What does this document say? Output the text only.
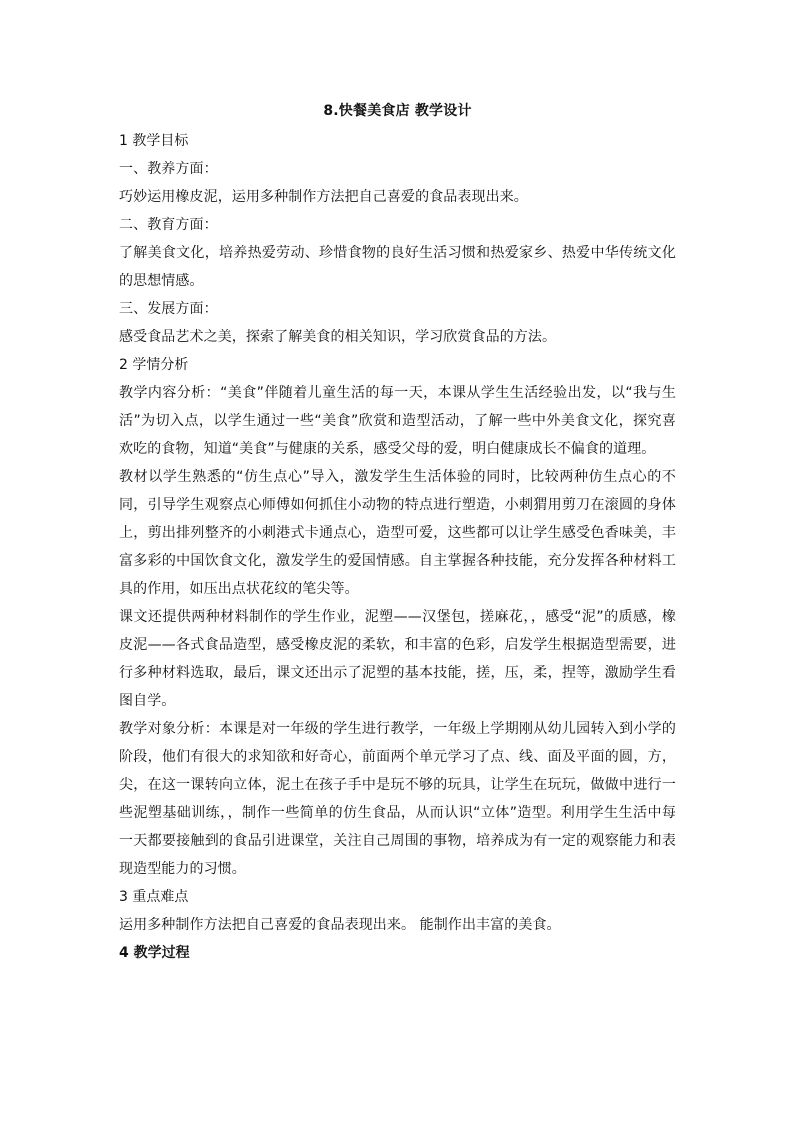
8.快餐美食店 教学设计
1 教学目标
一、教养方面：
巧妙运用橡皮泥，运用多种制作方法把自己喜爱的食品表现出来。
二、教育方面：
了解美食文化，培养热爱劳动、珍惜食物的良好生活习惯和热爱家乡、热爱中华传统文化的思想情感。
三、发展方面：
感受食品艺术之美，探索了解美食的相关知识，学习欣赏食品的方法。
2 学情分析
教学内容分析：“美食”伴随着儿童生活的每一天，本课从学生生活经验出发，以“我与生活”为切入点，以学生通过一些“美食”欣赏和造型活动，了解一些中外美食文化，探究喜欢吃的食物，知道“美食”与健康的关系，感受父母的爱，明白健康成长不偏食的道理。
教材以学生熟悉的“仿生点心”导入，激发学生生活体验的同时，比较两种仿生点心的不同，引导学生观察点心师傅如何抓住小动物的特点进行塑造，小刺猬用剪刀在滚圆的身体上，剪出排列整齐的小刺港式卡通点心，造型可爱，这些都可以让学生感受色香味美，丰富多彩的中国饮食文化，激发学生的爱国情感。自主掌握各种技能，充分发挥各种材料工具的作用，如压出点状花纹的笔尖等。
课文还提供两种材料制作的学生作业，泥塑——汉堡包，搓麻花，，感受“泥”的质感，橡皮泥——各式食品造型，感受橡皮泥的柔软，和丰富的色彩，启发学生根据造型需要，进行多种材料选取，最后，课文还出示了泥塑的基本技能，搓，压，柔，捏等，激励学生看图自学。
教学对象分析：本课是对一年级的学生进行教学，一年级上学期刚从幼儿园转入到小学的阶段，他们有很大的求知欲和好奇心，前面两个单元学习了点、线、面及平面的圆，方，尖，在这一课转向立体，泥土在孩子手中是玩不够的玩具，让学生在玩玩，做做中进行一些泥塑基础训练，，制作一些简单的仿生食品，从而认识“立体”造型。利用学生生活中每一天都要接触到的食品引进课堂，关注自己周围的事物，培养成为有一定的观察能力和表现造型能力的习惯。
3 重点难点
运用多种制作方法把自己喜爱的食品表现出来。 能制作出丰富的美食。
4 教学过程
